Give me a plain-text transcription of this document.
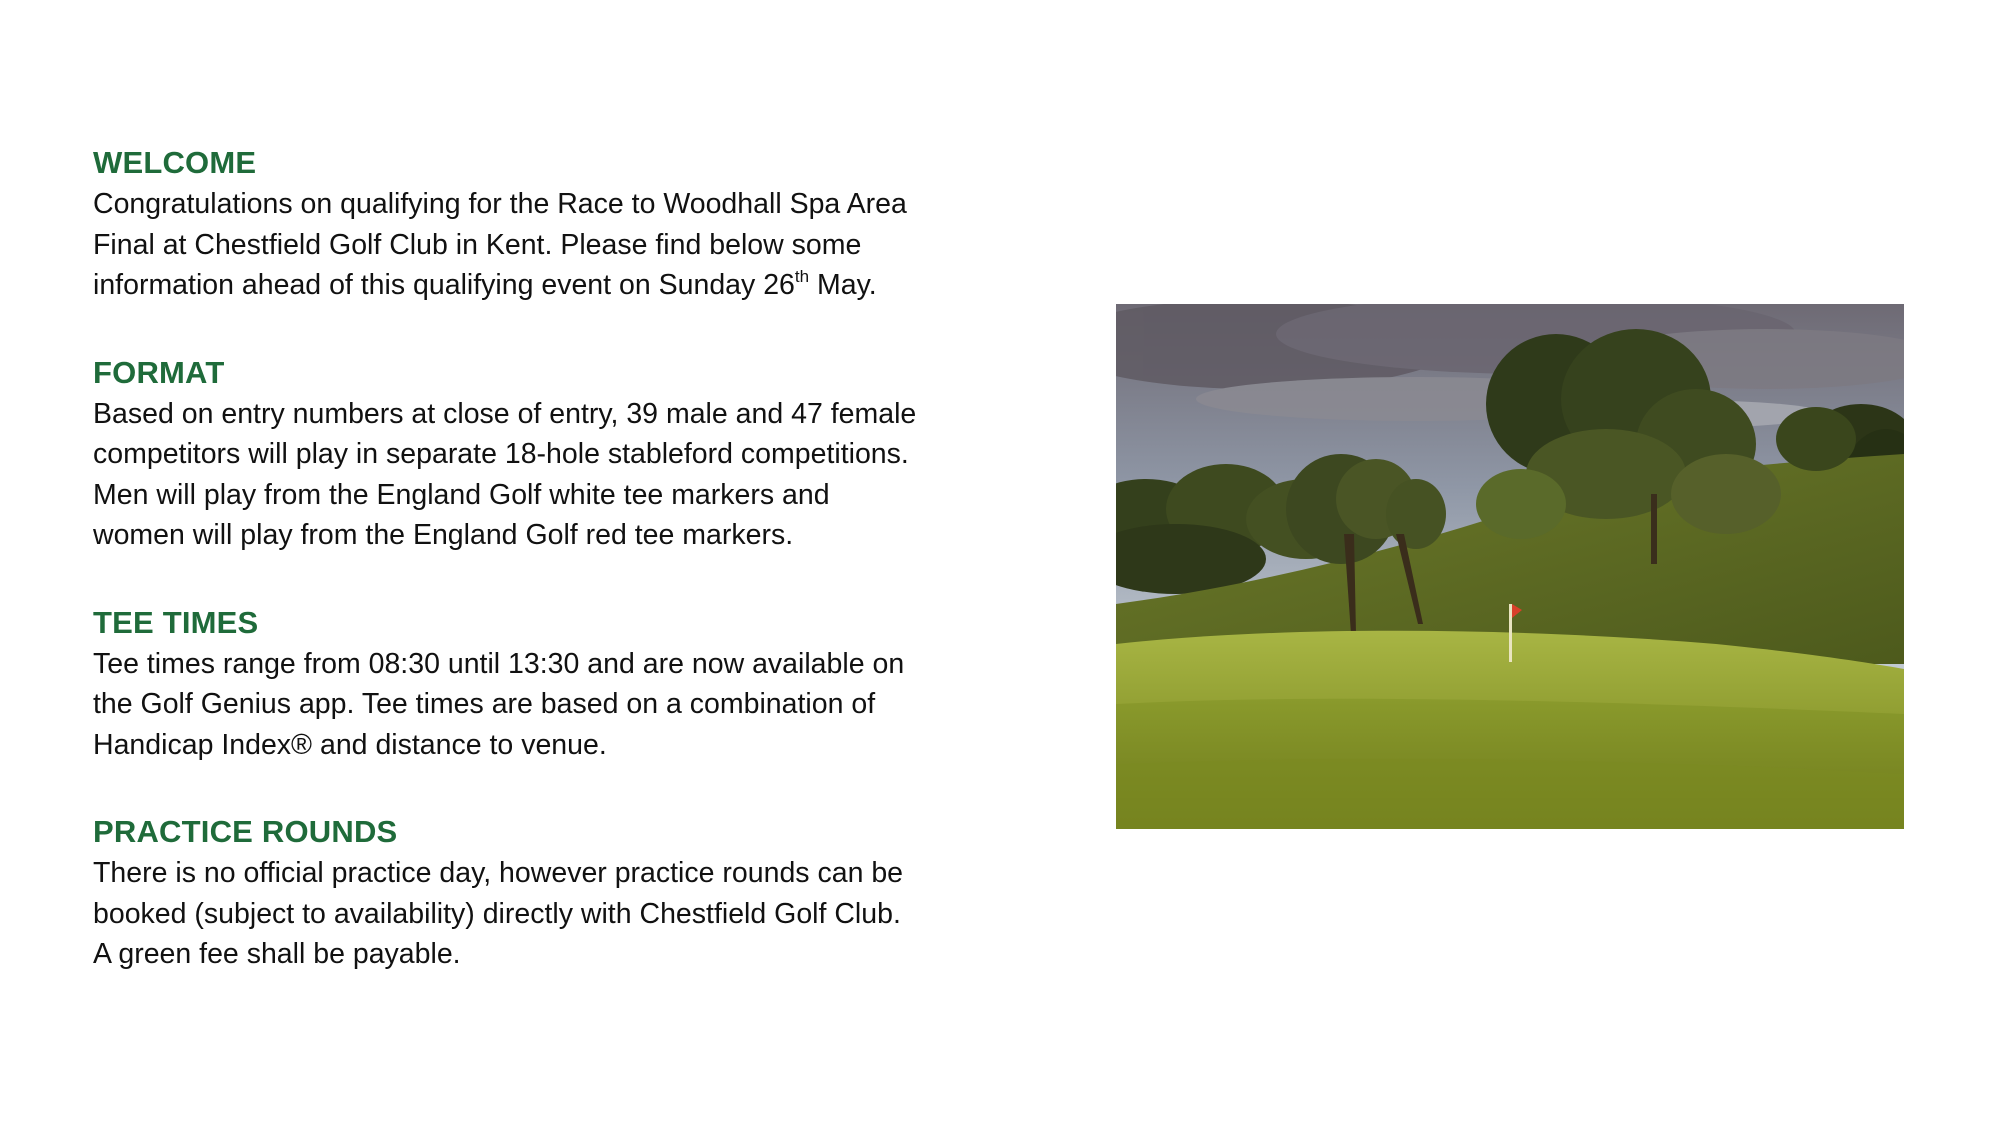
WELCOME

Congratulations on qualifying for the Race to Woodhall Spa Area
Final at Chestfield Golf Club in Kent. Please find below some
information ahead of this qualifying event on Sunday 26th May.

FORMAT

Based on entry numbers at close of entry, 39 male and 47 female
competitors will play in separate 18-hole stableford competitions.
Men will play from the England Golf white tee markers and
women will play from the England Golf red tee markers.

TEE TIMES

Tee times range from 08:30 until 13:30 and are now available on
the Golf Genius app. Tee times are based on a combination of
Handicap Index® and distance to venue.

PRACTICE ROUNDS

There is no official practice day, however practice rounds can be
booked (subject to availability) directly with Chestfield Golf Club.
A green fee shall be payable.
